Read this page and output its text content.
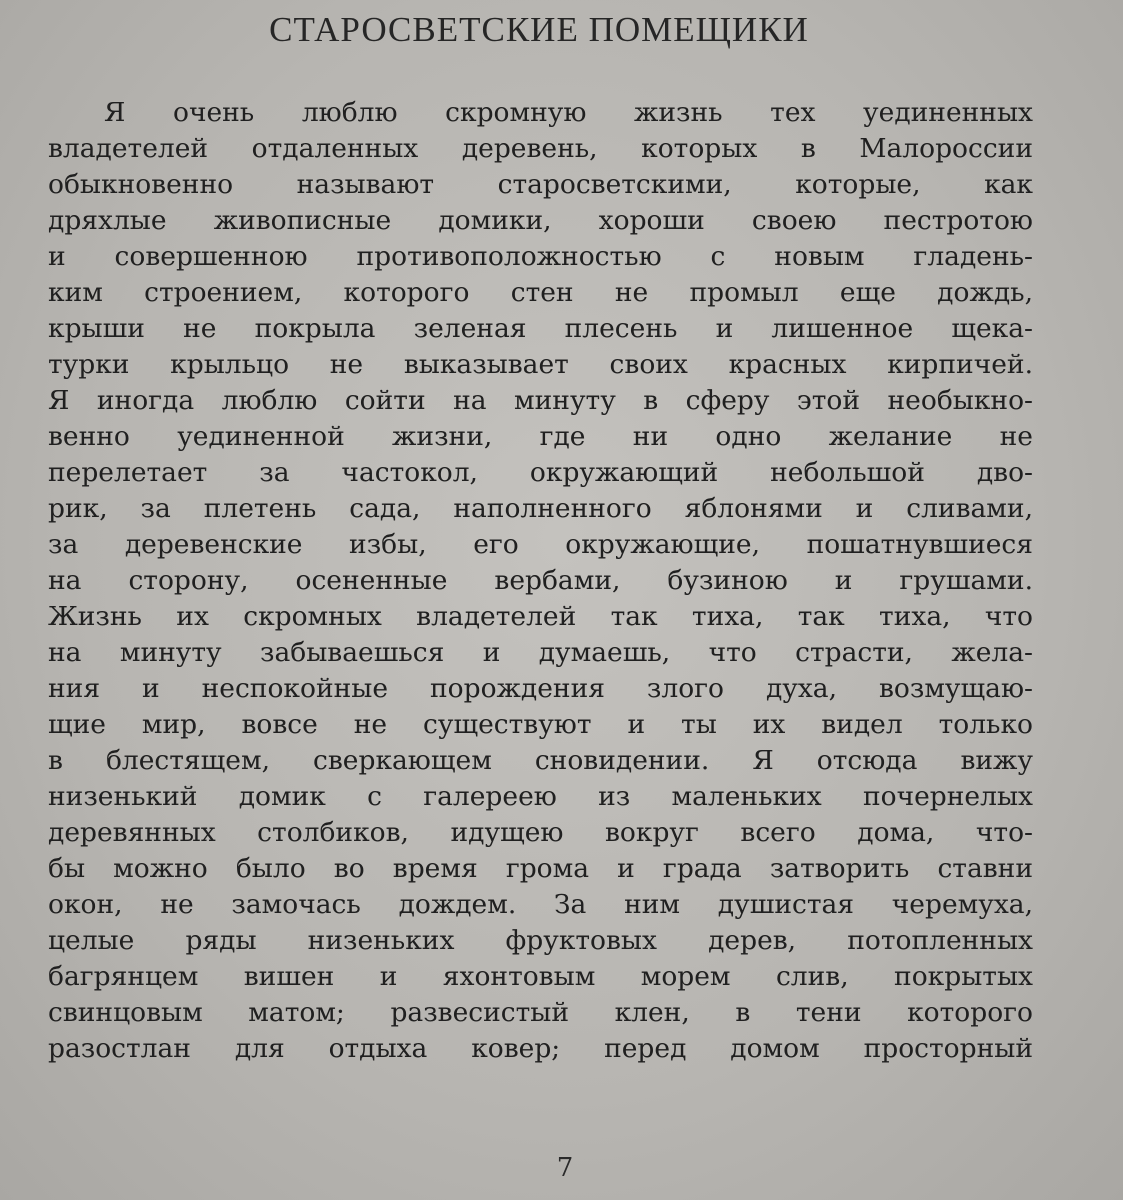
СТАРОСВЕТСКИЕ ПОМЕЩИКИ
Я очень люблю скромную жизнь тех уединенных
владетелей отдаленных деревень, которых в Малороссии
обыкновенно называют старосветскими, которые, как
дряхлые живописные домики, хороши своею пестротою
и совершенною противоположностью с новым гладень-
ким строением, которого стен не промыл еще дождь,
крыши не покрыла зеленая плесень и лишенное щека-
турки крыльцо не выказывает своих красных кирпичей.
Я иногда люблю сойти на минуту в сферу этой необыкно-
венно уединенной жизни, где ни одно желание не
перелетает за частокол, окружающий небольшой дво-
рик, за плетень сада, наполненного яблонями и сливами,
за деревенские избы, его окружающие, пошатнувшиеся
на сторону, осененные вербами, бузиною и грушами.
Жизнь их скромных владетелей так тиха, так тиха, что
на минуту забываешься и думаешь, что страсти, жела-
ния и неспокойные порождения злого духа, возмущаю-
щие мир, вовсе не существуют и ты их видел только
в блестящем, сверкающем сновидении. Я отсюда вижу
низенький домик с галереею из маленьких почернелых
деревянных столбиков, идущею вокруг всего дома, что-
бы можно было во время грома и града затворить ставни
окон, не замочась дождем. За ним душистая черемуха,
целые ряды низеньких фруктовых дерев, потопленных
багрянцем вишен и яхонтовым морем слив, покрытых
свинцовым матом; развесистый клен, в тени которого
разостлан для отдыха ковер; перед домом просторный
7
